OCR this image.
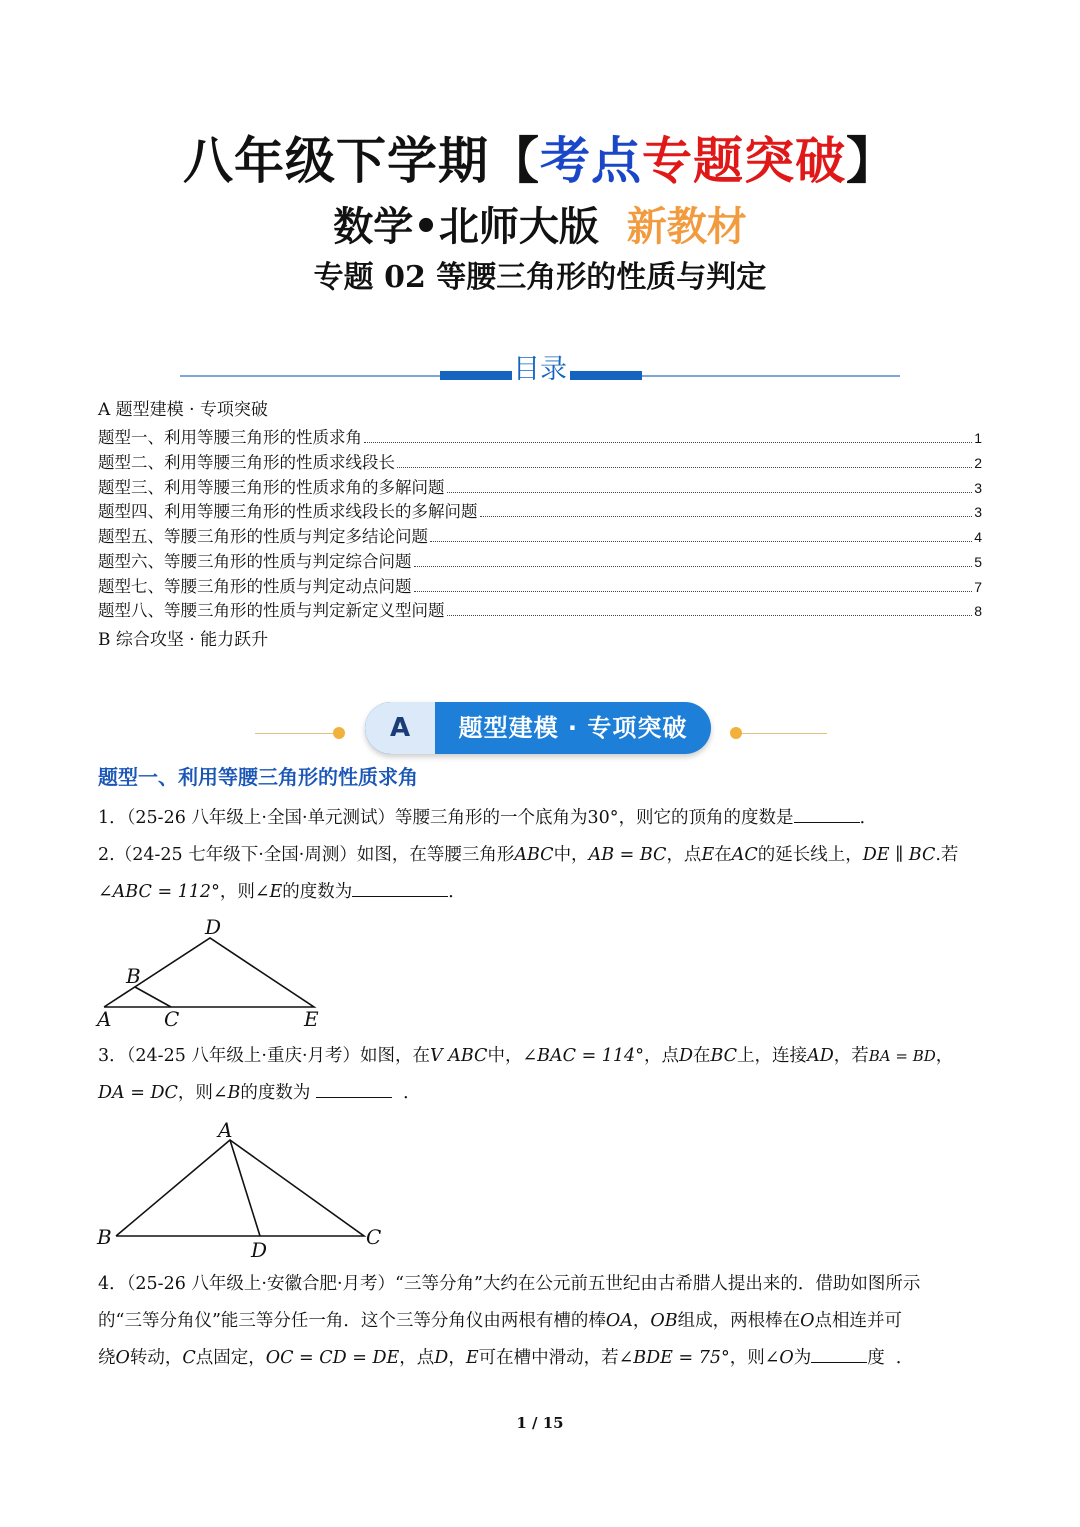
八年级下学期【考点专题突破】
数学•北师大版 新教材
专题 02 等腰三角形的性质与判定
目录
A 题型建模 · 专项突破
题型一、利用等腰三角形的性质求角	1
题型二、利用等腰三角形的性质求线段长	2
题型三、利用等腰三角形的性质求角的多解问题	3
题型四、利用等腰三角形的性质求线段长的多解问题	3
题型五、等腰三角形的性质与判定多结论问题	4
题型六、等腰三角形的性质与判定综合问题	5
题型七、等腰三角形的性质与判定动点问题	7
题型八、等腰三角形的性质与判定新定义型问题	8
B 综合攻坚 · 能力跃升
A	题型建模 · 专项突破
题型一、利用等腰三角形的性质求角
1．（25-26 八年级上·全国·单元测试）等腰三角形的一个底角为30°，则它的顶角的度数是	．
2.（24-25 七年级下·全国·周测）如图，在等腰三角形ABC中，AB = BC，点E在AC的延长线上，DE ∥ BC.若
∠ABC = 112°，则∠E的度数为	．
D
B
A	C	E
3．（24-25 八年级上·重庆·月考）如图，在V ABC中，∠BAC = 114°，点D在BC上，连接AD，若BA = BD，
DA = DC，则∠B的度数为	．
A
B
D
C
4．（25-26 八年级上·安徽合肥·月考）“三等分角”大约在公元前五世纪由古希腊人提出来的．借助如图所示
的“三等分角仪”能三等分任一角．这个三等分角仪由两根有槽的棒OA，OB组成，两根棒在O点相连并可
绕O转动，C点固定，OC = CD = DE，点D，E可在槽中滑动，若∠BDE = 75°，则∠O为	度 ．
1 / 15
